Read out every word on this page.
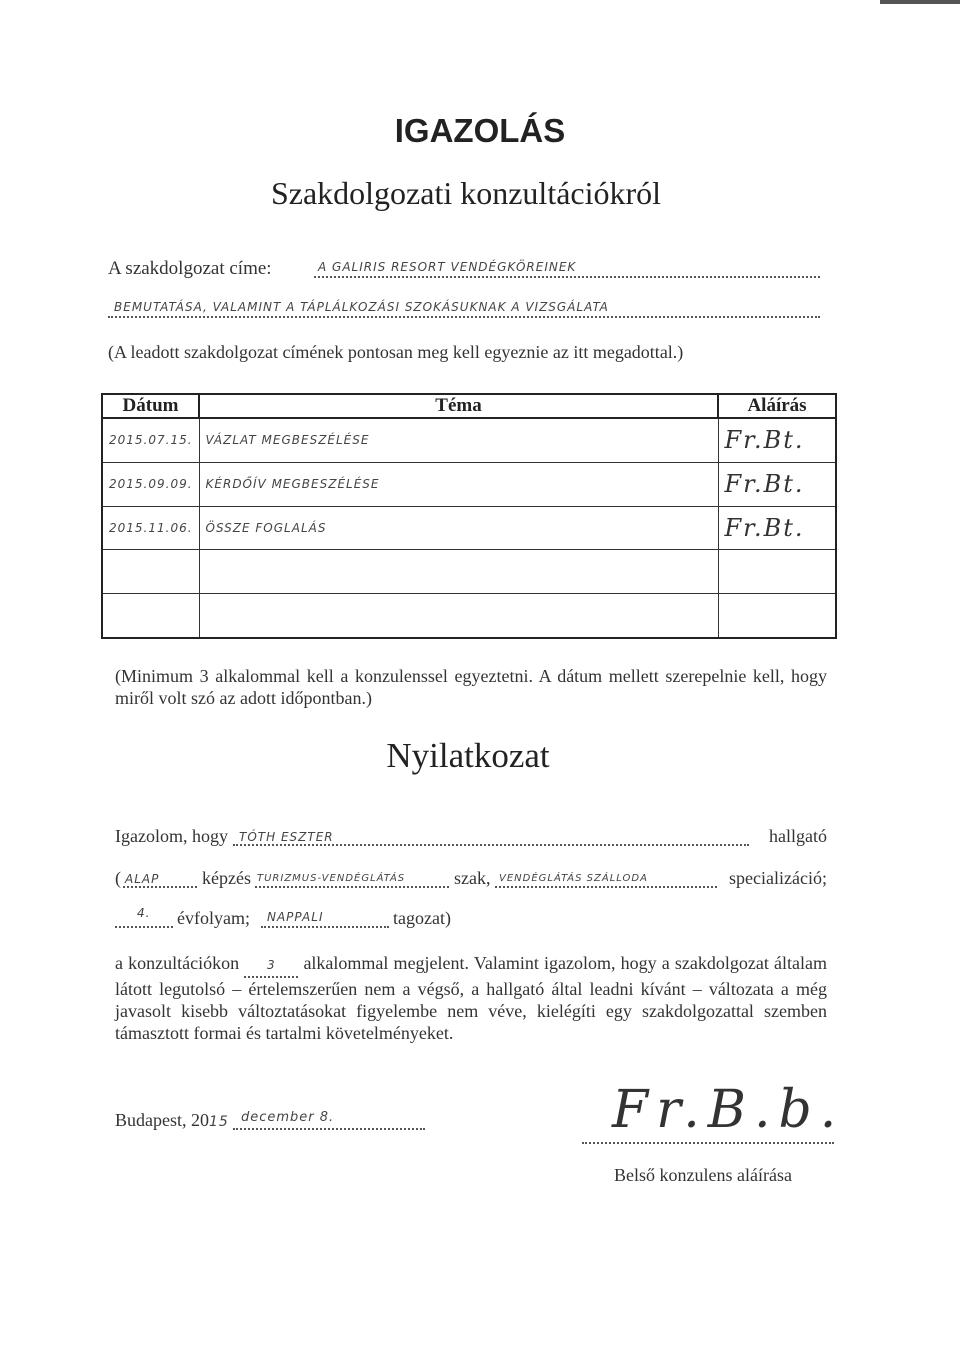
IGAZOLÁS
Szakdolgozati konzultációkról
A szakdolgozat címe:	A GALIRIS RESORT VENDÉGKÖREINEK
BEMUTATÁSA, VALAMINT A TÁPLÁLKOZÁSI SZOKÁSUKNAK A VIZSGÁLATA
(A leadott szakdolgozat címének pontosan meg kell egyeznie az itt megadottal.)
Dátum	Téma	Aláírás
2015.07.15.	VÁZLAT MEGBESZÉLÉSE	Fr.Bt.
2015.09.09.	KÉRDŐÍV MEGBESZÉLÉSE	Fr.Bt.
2015.11.06.	ÖSSZE FOGLALÁS	Fr.Bt.

(Minimum 3 alkalommal kell a konzulenssel egyeztetni. A dátum mellett szerepelnie kell, hogy miről volt szó az adott időpontban.)
Nyilatkozat
Igazolom, hogy TÓTH ESZTER	hallgató
( ALAP képzés TURIZMUS-VENDÉGLÁTÁS	szak, VENDÉGLÁTÁS SZÁLLODA	specializáció;
4. évfolyam; NAPPALI	tagozat)
a konzultációkon 3 alkalommal megjelent. Valamint igazolom, hogy a szakdolgozat általam látott legutolsó – értelemszerűen nem a végső, a hallgató által leadni kívánt – változata a még javasolt kisebb változtatásokat figyelembe nem véve, kielégíti egy szakdolgozattal szemben támasztott formai és tartalmi követelményeket.
Budapest, 2015 december 8.	Fr.B.b.
Belső konzulens aláírása
